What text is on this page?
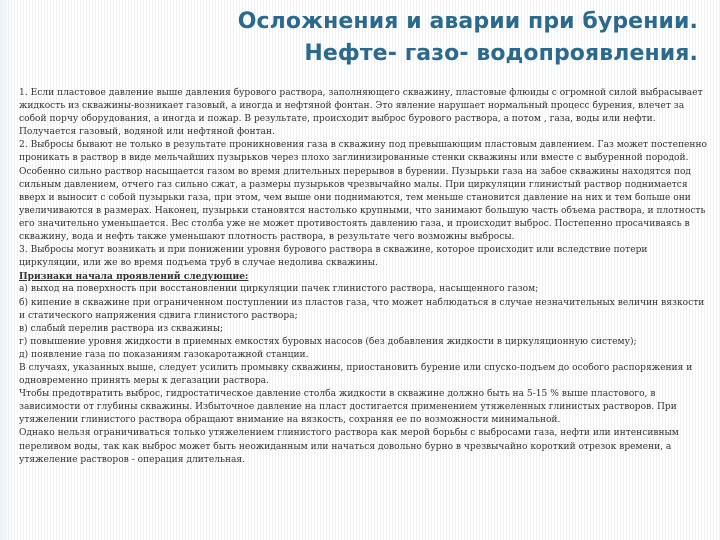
Осложнения и аварии при бурении.
Нефте- газо- водопроявления.

1. Если пластовое давление выше давления бурового раствора, заполняющего скважину, пластовые флюиды с огромной силой выбрасывает жидкость из скважины-возникает газовый, а иногда и нефтяной фонтан. Это явление нарушает нормальный процесс бурения, влечет за собой порчу оборудования, а иногда и пожар. В результате, происходит выброс бурового раствора, а потом , газа, воды или нефти. Получается газовый, водяной или нефтяной фонтан.

2. Выбросы бывают не только в результате проникновения газа в скважину под превышающим пластовым давлением. Газ может постепенно проникать в раствор в виде мельчайших пузырьков через плохо заглинизированные стенки скважины или вместе с выбуренной породой. Особенно сильно раствор насыщается газом во время длительных перерывов в бурении. Пузырьки газа на забое скважины находятся под сильным давлением, отчего газ сильно сжат, а размеры пузырьков чрезвычайно малы. При циркуляции глинистый раствор поднимается вверх и выносит с собой пузырьки газа, при этом, чем выше они поднимаются, тем меньше становится давление на них и тем больше они увеличиваются в размерах. Наконец, пузырьки становятся настолько крупными, что занимают большую часть объема раствора, и плотность его значительно уменьшается. Вес столба уже не может противостоять давлению газа, и происходит выброс. Постепенно просачиваясь в скважину, вода и нефть также уменьшают плотность раствора, в результате чего возможны выбросы.

3. Выбросы могут возникать и при понижении уровня бурового раствора в скважине, которое происходит или вследствие потери циркуляции, или же во время подъема труб в случае недолива скважины.

Признаки начала проявлений следующие:

а) выход на поверхность при восстановлении циркуляции пачек глинистого раствора, насыщенного газом;

б) кипение в скважине при ограниченном поступлении из пластов газа, что может наблюдаться в случае незначительных величин вязкости и статического напряжения сдвига глинистого раствора;

в) слабый перелив раствора из скважины;

г) повышение уровня жидкости в приемных емкостях буровых насосов (без добавления жидкости в циркуляционную систему);

д) появление газа по показаниям газокаротажной станции.

В случаях, указанных выше, следует усилить промывку скважины, приостановить бурение или спуско-подъем до особого распоряжения и одновременно принять меры к дегазации раствора.

Чтобы предотвратить выброс, гидростатическое давление столба жидкости в скважине должно быть на 5-15 % выше пластового, в зависимости от глубины скважины. Избыточное давление на пласт достигается применением утяжеленных глинистых растворов. При утяжелении глинистого раствора обращают внимание на вязкость, сохраняя ее по возможности минимальной.

Однако нельзя ограничиваться только утяжелением глинистого раствора как мерой борьбы с выбросами газа, нефти или интенсивным переливом воды, так как выброс может быть неожиданным или начаться довольно бурно в чрезвычайно короткий отрезок времени, а утяжеление растворов - операция длительная.
